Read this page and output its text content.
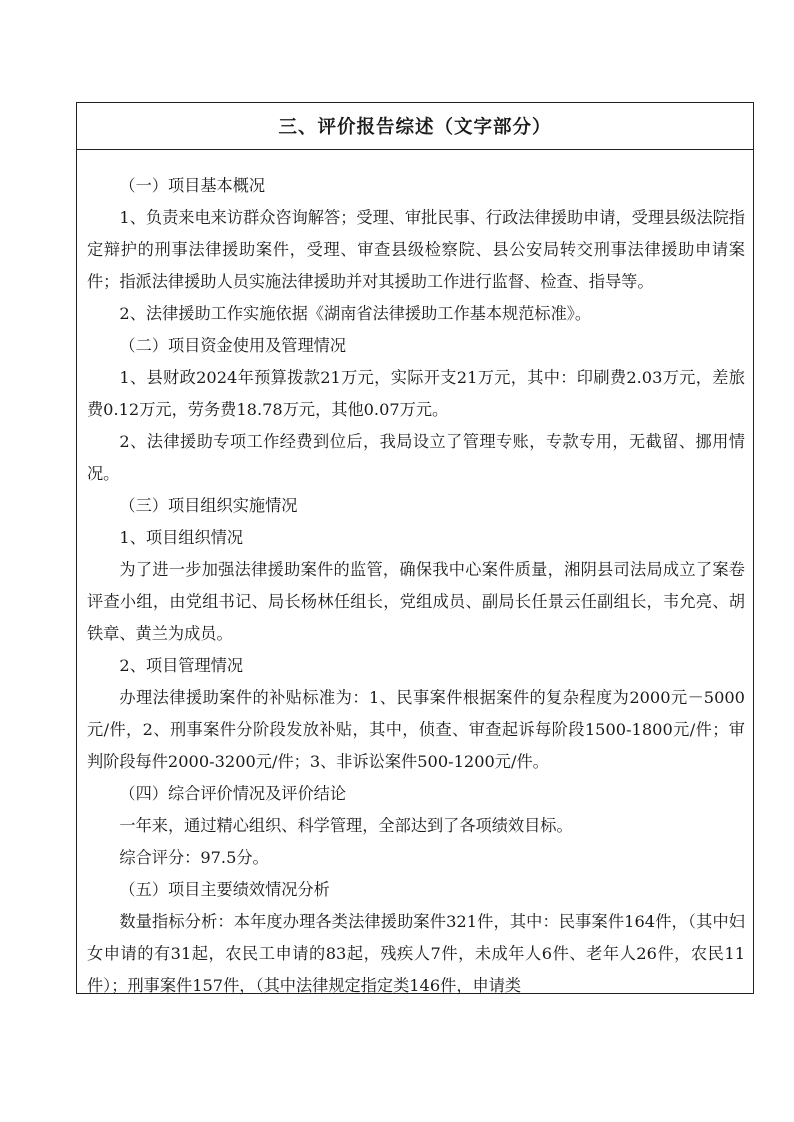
三、评价报告综述（文字部分）

（一）项目基本概况

1、负责来电来访群众咨询解答；受理、审批民事、行政法律援助申请，受理县级法院指定辩护的刑事法律援助案件，受理、审查县级检察院、县公安局转交刑事法律援助申请案件；指派法律援助人员实施法律援助并对其援助工作进行监督、检查、指导等。

2、法律援助工作实施依据《湖南省法律援助工作基本规范标准》。

（二）项目资金使用及管理情况

1、县财政2024年预算拨款21万元，实际开支21万元，其中：印刷费2.03万元，差旅费0.12万元，劳务费18.78万元，其他0.07万元。

2、法律援助专项工作经费到位后，我局设立了管理专账，专款专用，无截留、挪用情况。

（三）项目组织实施情况

1、项目组织情况

为了进一步加强法律援助案件的监管，确保我中心案件质量，湘阴县司法局成立了案卷评查小组，由党组书记、局长杨林任组长，党组成员、副局长任景云任副组长，韦允亮、胡铁章、黄兰为成员。

2、项目管理情况

办理法律援助案件的补贴标准为：1、民事案件根据案件的复杂程度为2000元－5000元/件，2、刑事案件分阶段发放补贴，其中，侦查、审查起诉每阶段1500-1800元/件；审判阶段每件2000-3200元/件；3、非诉讼案件500-1200元/件。

（四）综合评价情况及评价结论

一年来，通过精心组织、科学管理，全部达到了各项绩效目标。

综合评分：97.5分。

（五）项目主要绩效情况分析

数量指标分析：本年度办理各类法律援助案件321件，其中：民事案件164件，（其中妇女申请的有31起，农民工申请的83起，残疾人7件，未成年人6件、老年人26件，农民11件）；刑事案件157件，（其中法律规定指定类146件，申请类
